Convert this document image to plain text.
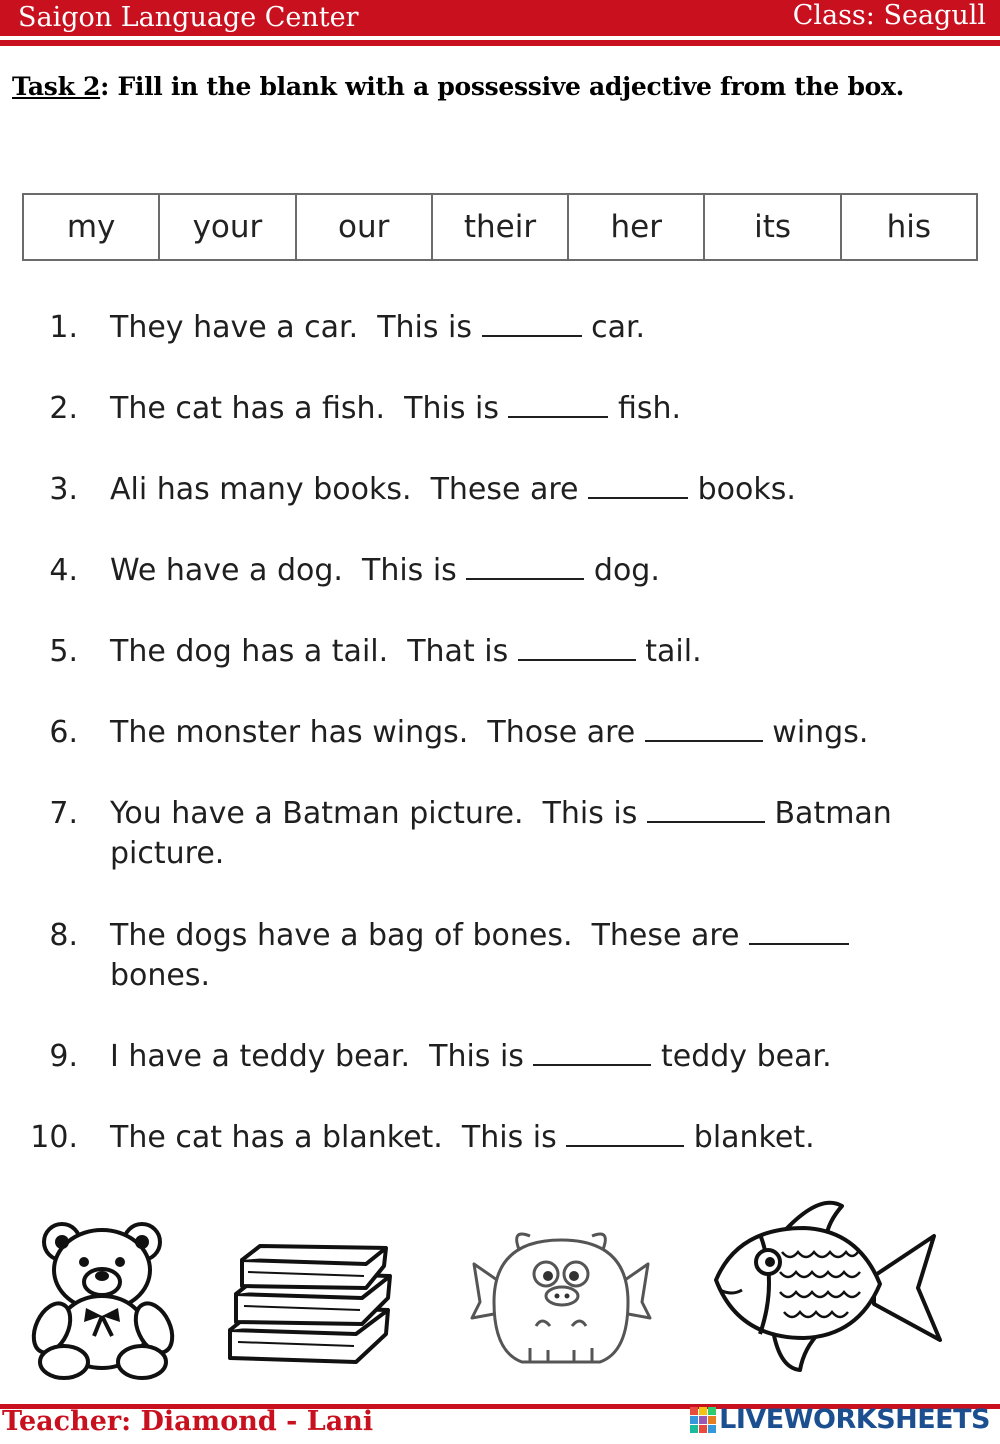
Saigon Language Center	Class: Seagull
Task 2: Fill in the blank with a possessive adjective from the box.
my	your	our	their	her	its	his
1. They have a car.  This is	car.
2. The cat has a fish.  This is	fish.
3. Ali has many books.  These are	books.
4. We have a dog.  This is	dog.
5. The dog has a tail.  That is	tail.
6. The monster has wings.  Those are	wings.
7. You have a Batman picture.  This is	Batman picture.
8. The dogs have a bag of bones.  These are	bones.
9. I have a teddy bear.  This is	teddy bear.
10. The cat has a blanket.  This is	blanket.
Teacher: Diamond - Lani	LIVEWORKSHEETS
